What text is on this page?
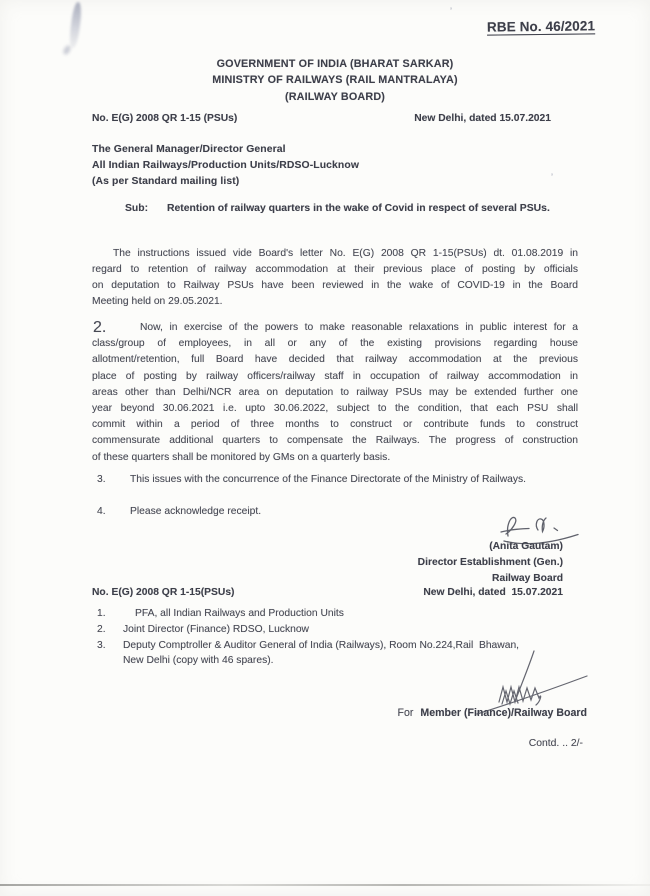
’
’
RBE No. 46/2021
GOVERNMENT OF INDIA (BHARAT SARKAR)
MINISTRY OF RAILWAYS (RAIL MANTRALAYA)
(RAILWAY BOARD)
No. E(G) 2008 QR 1-15 (PSUs)	New Delhi, dated 15.07.2021
The General Manager/Director General
All Indian Railways/Production Units/RDSO-Lucknow
(As per Standard mailing list)
Sub: Retention of railway quarters in the wake of Covid in respect of several PSUs.
The instructions issued vide Board's letter No. E(G) 2008 QR 1-15(PSUs) dt. 01.08.2019 in
regard to retention of railway accommodation at their previous place of posting by officials
on deputation to Railway PSUs have been reviewed in the wake of COVID-19 in the Board
Meeting held on 29.05.2021.
2.	Now, in exercise of the powers to make reasonable relaxations in public interest for a
class/group of employees, in all or any of the existing provisions regarding house
allotment/retention, full Board have decided that railway accommodation at the previous
place of posting by railway officers/railway staff in occupation of railway accommodation in
areas other than Delhi/NCR area on deputation to railway PSUs may be extended further one
year beyond 30.06.2021 i.e. upto 30.06.2022, subject to the condition, that each PSU shall
commit within a period of three months to construct or contribute funds to construct
commensurate additional quarters to compensate the Railways. The progress of construction
of these quarters shall be monitored by GMs on a quarterly basis.
3. This issues with the concurrence of the Finance Directorate of the Ministry of Railways.
4. Please acknowledge receipt.
(Anita Gautam)
Director Establishment (Gen.)
Railway Board
No. E(G) 2008 QR 1-15(PSUs)	New Delhi, dated  15.07.2021
1.	PFA, all Indian Railways and Production Units
2. Joint Director (Finance) RDSO, Lucknow
3. Deputy Comptroller & Auditor General of India (Railways), Room No.224,Rail  Bhawan,
New Delhi (copy with 46 spares).
For Member (Finance)/Railway Board
Contd. .. 2/-
